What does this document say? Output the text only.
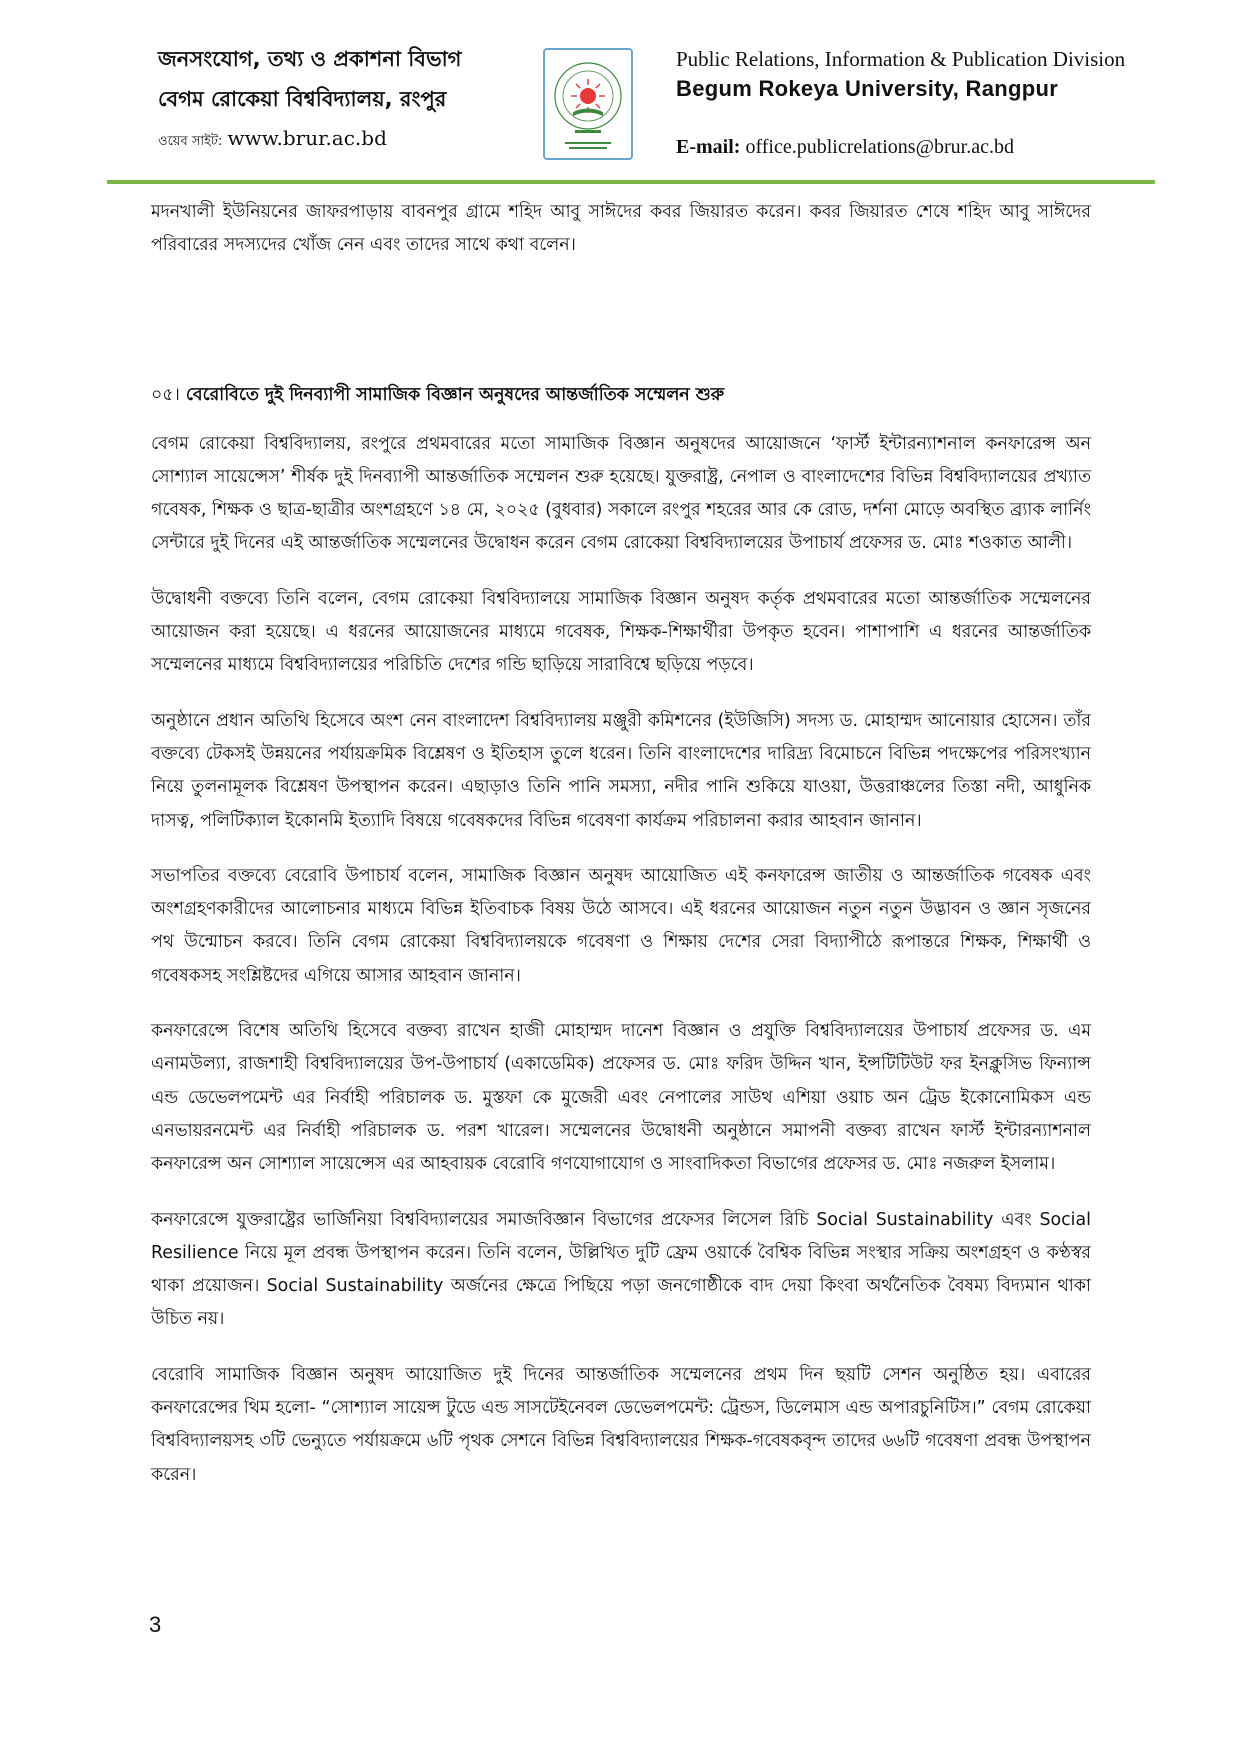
জনসংযোগ, তথ্য ও প্রকাশনা বিভাগ
বেগম রোকেয়া বিশ্ববিদ্যালয়, রংপুর
ওয়েব সাইট: www.brur.ac.bd
Public Relations, Information & Publication Division
Begum Rokeya University, Rangpur
E-mail: office.publicrelations@brur.ac.bd

মদনখালী ইউনিয়নের জাফরপাড়ায় বাবনপুর গ্রামে শহিদ আবু সাঈদের কবর জিয়ারত করেন। কবর জিয়ারত শেষে শহিদ আবু সাঈদের পরিবারের সদস্যদের খোঁজ নেন এবং তাদের সাথে কথা বলেন।

০৫। বেরোবিতে দুই দিনব্যাপী সামাজিক বিজ্ঞান অনুষদের আন্তর্জাতিক সম্মেলন শুরু

বেগম রোকেয়া বিশ্ববিদ্যালয়, রংপুরে প্রথমবারের মতো সামাজিক বিজ্ঞান অনুষদের আয়োজনে ‘ফার্স্ট ইন্টারন্যাশনাল কনফারেন্স অন সোশ্যাল সায়েন্সেস’ শীর্ষক দুই দিনব্যাপী আন্তর্জাতিক সম্মেলন শুরু হয়েছে। যুক্তরাষ্ট্র, নেপাল ও বাংলাদেশের বিভিন্ন বিশ্ববিদ্যালয়ের প্রখ্যাত গবেষক, শিক্ষক ও ছাত্র-ছাত্রীর অংশগ্রহণে ১৪ মে, ২০২৫ (বুধবার) সকালে রংপুর শহরের আর কে রোড, দর্শনা মোড়ে অবস্থিত ব্র্যাক লার্নিং সেন্টারে দুই দিনের এই আন্তর্জাতিক সম্মেলনের উদ্বোধন করেন বেগম রোকেয়া বিশ্ববিদ্যালয়ের উপাচার্য প্রফেসর ড. মোঃ শওকাত আলী।

উদ্বোধনী বক্তব্যে তিনি বলেন, বেগম রোকেয়া বিশ্ববিদ্যালয়ে সামাজিক বিজ্ঞান অনুষদ কর্তৃক প্রথমবারের মতো আন্তর্জাতিক সম্মেলনের আয়োজন করা হয়েছে। এ ধরনের আয়োজনের মাধ্যমে গবেষক, শিক্ষক-শিক্ষার্থীরা উপকৃত হবেন। পাশাপাশি এ ধরনের আন্তর্জাতিক সম্মেলনের মাধ্যমে বিশ্ববিদ্যালয়ের পরিচিতি দেশের গন্ডি ছাড়িয়ে সারাবিশ্বে ছড়িয়ে পড়বে।

অনুষ্ঠানে প্রধান অতিথি হিসেবে অংশ নেন বাংলাদেশ বিশ্ববিদ্যালয় মঞ্জুরী কমিশনের (ইউজিসি) সদস্য ড. মোহাম্মদ আনোয়ার হোসেন। তাঁর বক্তব্যে টেকসই উন্নয়নের পর্যায়ক্রমিক বিশ্লেষণ ও ইতিহাস তুলে ধরেন। তিনি বাংলাদেশের দারিদ্র্য বিমোচনে বিভিন্ন পদক্ষেপের পরিসংখ্যান নিয়ে তুলনামূলক বিশ্লেষণ উপস্থাপন করেন। এছাড়াও তিনি পানি সমস্যা, নদীর পানি শুকিয়ে যাওয়া, উত্তরাঞ্চলের তিস্তা নদী, আধুনিক দাসত্ব, পলিটিক্যাল ইকোনমি ইত্যাদি বিষয়ে গবেষকদের বিভিন্ন গবেষণা কার্যক্রম পরিচালনা করার আহবান জানান।

সভাপতির বক্তব্যে বেরোবি উপাচার্য বলেন, সামাজিক বিজ্ঞান অনুষদ আয়োজিত এই কনফারেন্স জাতীয় ও আন্তর্জাতিক গবেষক এবং অংশগ্রহণকারীদের আলোচনার মাধ্যমে বিভিন্ন ইতিবাচক বিষয় উঠে আসবে। এই ধরনের আয়োজন নতুন নতুন উদ্ভাবন ও জ্ঞান সৃজনের পথ উন্মোচন করবে। তিনি বেগম রোকেয়া বিশ্ববিদ্যালয়কে গবেষণা ও শিক্ষায় দেশের সেরা বিদ্যাপীঠে রূপান্তরে শিক্ষক, শিক্ষার্থী ও গবেষকসহ সংশ্লিষ্টদের এগিয়ে আসার আহবান জানান।

কনফারেন্সে বিশেষ অতিথি হিসেবে বক্তব্য রাখেন হাজী মোহাম্মদ দানেশ বিজ্ঞান ও প্রযুক্তি বিশ্ববিদ্যালয়ের উপাচার্য প্রফেসর ড. এম এনামউল্যা, রাজশাহী বিশ্ববিদ্যালয়ের উপ-উপাচার্য (একাডেমিক) প্রফেসর ড. মোঃ ফরিদ উদ্দিন খান, ইন্সটিটিউট ফর ইনক্লুসিভ ফিন্যান্স এন্ড ডেভেলপমেন্ট এর নির্বাহী পরিচালক ড. মুস্তফা কে মুজেরী এবং নেপালের সাউথ এশিয়া ওয়াচ অন ট্রেড ইকোনোমিকস এন্ড এনভায়রনমেন্ট এর নির্বাহী পরিচালক ড. পরশ খারেল। সম্মেলনের উদ্বোধনী অনুষ্ঠানে সমাপনী বক্তব্য রাখেন ফার্স্ট ইন্টারন্যাশনাল কনফারেন্স অন সোশ্যাল সায়েন্সেস এর আহবায়ক বেরোবি গণযোগাযোগ ও সাংবাদিকতা বিভাগের প্রফেসর ড. মোঃ নজরুল ইসলাম।

কনফারেন্সে যুক্তরাষ্ট্রের ভার্জিনিয়া বিশ্ববিদ্যালয়ের সমাজবিজ্ঞান বিভাগের প্রফেসর লিসেল রিচি Social Sustainability এবং Social Resilience নিয়ে মূল প্রবন্ধ উপস্থাপন করেন। তিনি বলেন, উল্লিখিত দুটি ফ্রেম ওয়ার্কে বৈশ্বিক বিভিন্ন সংস্থার সক্রিয় অংশগ্রহণ ও কণ্ঠস্বর থাকা প্রয়োজন। Social Sustainability অর্জনের ক্ষেত্রে পিছিয়ে পড়া জনগোষ্ঠীকে বাদ দেয়া কিংবা অর্থনৈতিক বৈষম্য বিদ্যমান থাকা উচিত নয়।

বেরোবি সামাজিক বিজ্ঞান অনুষদ আয়োজিত দুই দিনের আন্তর্জাতিক সম্মেলনের প্রথম দিন ছয়টি সেশন অনুষ্ঠিত হয়। এবারের কনফারেন্সের থিম হলো- “সোশ্যাল সায়েন্স টুডে এন্ড সাসটেইনেবল ডেভেলপমেন্ট: ট্রেন্ডস, ডিলেমাস এন্ড অপারচুনিটিস।” বেগম রোকেয়া বিশ্ববিদ্যালয়সহ ৩টি ভেন্যুতে পর্যায়ক্রমে ৬টি পৃথক সেশনে বিভিন্ন বিশ্ববিদ্যালয়ের শিক্ষক-গবেষকবৃন্দ তাদের ৬৬টি গবেষণা প্রবন্ধ উপস্থাপন করেন।

3
